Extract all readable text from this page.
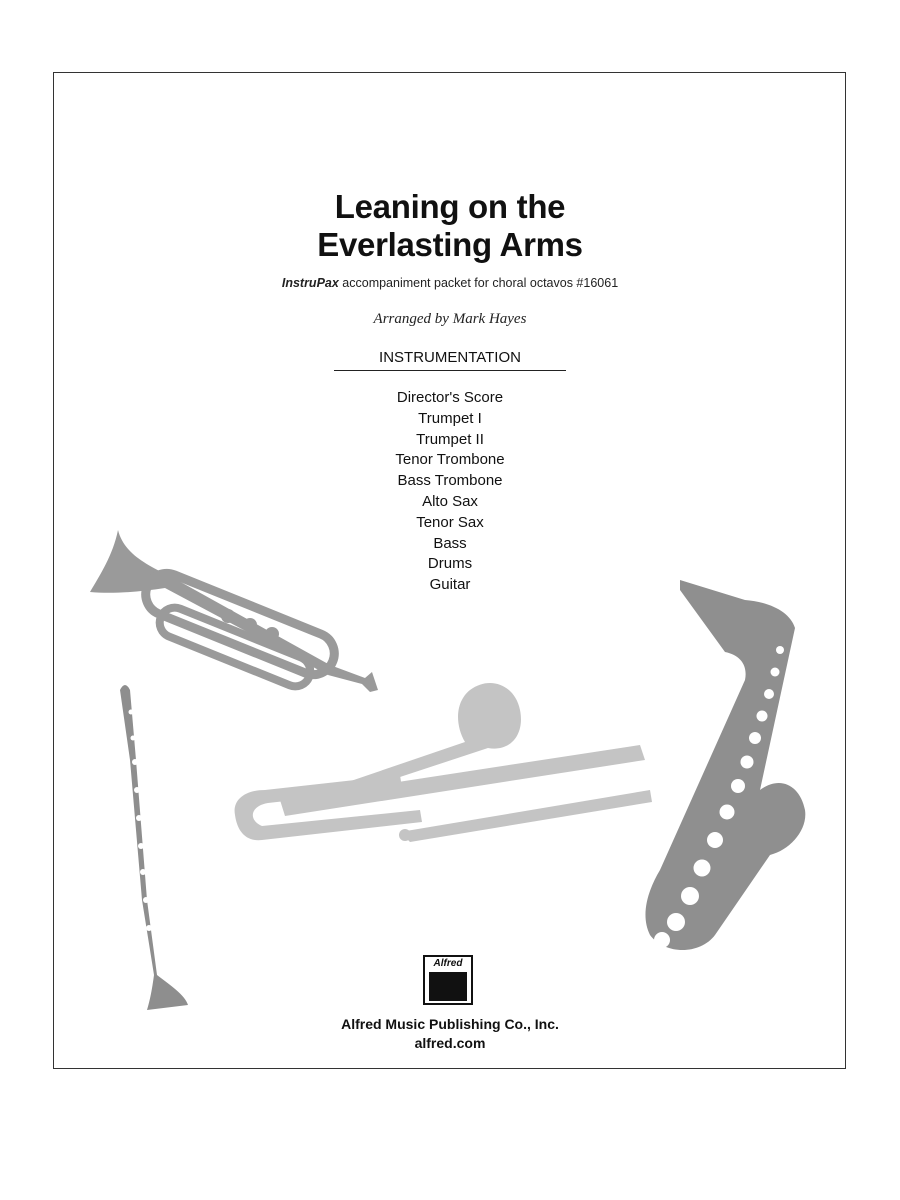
Leaning on the
Everlasting Arms
InstruPax accompaniment packet for choral octavos #16061
Arranged by Mark Hayes
INSTRUMENTATION
Director's Score
Trumpet I
Trumpet II
Tenor Trombone
Bass Trombone
Alto Sax
Tenor Sax
Bass
Drums
Guitar
Alfred
Alfred Music Publishing Co., Inc.
alfred.com
